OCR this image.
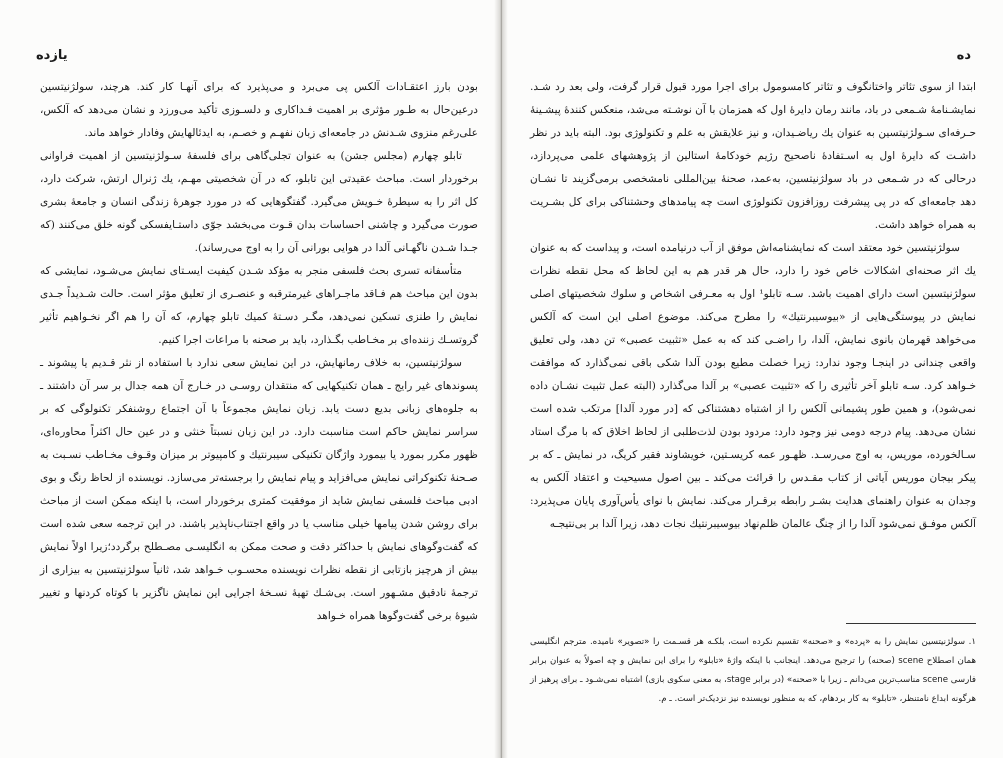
یازده

بودن بارز اعتقـادات آلکس پی می‌برد و می‌پذیرد که برای آنهـا کار کند. هرچند، سولژنیتسین درعین‌حال به طـور مؤثری بر اهمیت فـداکاری و دلسـوزی تأکید می‌ورزد و نشان می‌دهد که آلکس، علی‌رغم منزوی شـدنش در جامعه‌ای زبان نفهـم و خصـم، به ایدئالهایش وفادار خواهد ماند.

تابلو چهارم (مجلس جشن) به عنوان تجلی‌گاهی برای فلسفهٔ سـولژنیتسین از اهمیت فراوانی برخوردار است. مباحث عقیدتی این تابلو، که در آن شخصیتی مهـم، یك ژنرال ارتش، شرکت دارد، کل اثر را به سیطرهٔ خـویش می‌گیرد. گفتگوهایی که در مورد جوهرهٔ زندگی انسان و جامعهٔ بشری صورت می‌گیرد و چاشنی احساسات بدان قـوت می‌بخشد جوّی داستـایفسکی گونه خلق می‌کنند (که جـدا شـدن ناگهـانی آلدا در هوایی بورانی آن را به اوج می‌رساند).

متأسفانه تسری بحث فلسفی منجر به مؤکد شـدن کیفیت ایسـتای نمایش می‌شـود، نمایشی که بدون این مباحث هم فـاقد ماجـراهای غیرمترقبه و عنصـری از تعلیق مؤثر است. حالت شـدیداً جـدی نمایش را طنزی تسکین نمی‌دهد، مگـر دسـتهٔ کمیك تابلو چهارم، که آن را هم اگر نخـواهیم تأثیر گروتسـك زننده‌ای بر مخـاطب بگـذارد، باید بر صحنه با مراعات اجرا کنیم.

سولژنیتسین، به خلاف رمانهایش، در این نمایش سعی ندارد با استفاده از نثر قـدیم یا پیشوند ـ پسوندهای غیر رایج ـ همان تکنیکهایی که منتقدان روسـی در خـارج آن همه جدال بر سر آن داشتند ـ به جلوه‌های زبانی بدیع دست یابد. زبان نمایش مجموعاً با آن اجتماع روشنفکر تکنولوگی که بر سراسر نمایش حاکم است مناسبت دارد. در این زبان نسبتاً خنثی و در عین حال اکثراً محاوره‌ای، ظهور مکرر بمورد یا بیمورد واژگان تکنیکی سیبرنتیك و کامپیوتر بر میزان وقـوف مخـاطب نسـبت به صـحنهٔ تکنوکراتی نمایش می‌افزاید و پیام نمایش را برجسته‌تر می‌سازد. نویسنده از لحاظ رنگ و بوی ادبی مباحث فلسفی نمایش شاید از موفقیت کمتری برخوردار است، با اینکه ممکن است از مباحث برای روشن شدن پیامها خیلی مناسب یا در واقع اجتناب‌ناپذیر باشند. در این ترجمه سعی شده است که گفت‌وگوهای نمایش با حداکثر دقت و صحت ممکن به انگلیسـی مصـطلح برگردد؛زیرا اولاً نمایش بیش از هرچیز بازتابی از نقطه نظرات نویسنده محسـوب خـواهد شد، ثانیاً سولژنیتسین به بیزاری از ترجمهٔ نادقیق مشـهور است. بی‌شـك تهیهٔ نسـخهٔ اجرایی این نمایش ناگزیر با کوتاه کردنها و تغییر شیوهٔ برخی گفت‌وگوها همراه خـواهد

ده

ابتدا از سوی تئاتر واختانگوف و تئاتر کامسومول برای اجرا مورد قبول قرار گرفت، ولی بعد رد شـد. نمایشـنامهٔ شـمعی در باد، مانند رمان دایرهٔ اول که همزمان با آن نوشـته می‌شد، منعکس کنندهٔ پیشـینهٔ حـرفه‌ای سـولژنیتسین به عنوان یك ریاضـیدان، و نیز علایقش به علم و تکنولوژی بود. البته باید در نظر داشـت که دایرهٔ اول به اسـتفادهٔ ناصحیح رژیم خودکامهٔ استالین از پژوهشهای علمی می‌پردازد، درحالی که در شـمعی در باد سولژنیتسین، به‌عمد، صحنهٔ بین‌المللی نامشخصی برمی‌گزیند تا نشـان دهد جامعه‌ای که در پی پیشرفت روزافزون تکنولوژی است چه پیامدهای وحشتناکی برای کل بشـریت به همراه خواهد داشت.

سولژنیتسین خود معتقد است که نمایشنامه‌اش موفق از آب درنیامده است، و پیداست که به عنوان یك اثر صحنه‌ای اشکالات خاص خود را دارد، حال هر قدر هم به این لحاظ که محل نقطه نظرات سولژنیتسین است دارای اهمیت باشد. سـه تابلو¹ اول به معـرفی اشخاص و سلوك شخصیتهای اصلی نمایش در پیوستگی‌هایی از «بیوسیبرنتیك» را مطرح می‌کند. موضوع اصلی این است که آلکس می‌خواهد قهرمان بانوی نمایش، آلدا، را راضـی کند که به عمل «تثبیت عصبی» تن دهد، ولی تعلیق واقعی چندانی در اینجـا وجود ندارد: زیرا خصلت مطیع بودن آلدا شکی باقی نمی‌گذارد که موافقت خـواهد کرد. سـه تابلو آخر تأثیری را که «تثبیت عصبی» بر آلدا می‌گذارد (البته عمل تثبیت نشـان داده نمی‌شود)، و همین طور پشیمانی آلکس را از اشتباه دهشتناکی که [در مورد آلدا] مرتکب شده است نشان می‌دهد. پیام درجه دومی نیز وجود دارد: مردود بودن لذت‌طلبی از لحاظ اخلاق که با مرگ استاد سـالخورده، موریس، به اوج می‌رسـد. ظهـور عمه کریسـتین، خویشاوند فقیر کریگ، در نمایش ـ که بر پیکر بیجان موریس آیاتی از کتاب مقـدس را قرائت می‌کند ـ بین اصول مسیحیت و اعتقاد آلکس به وجدان به عنوان راهنمای هدایت بشـر رابطه برقـرار می‌کند. نمایش با نوای یأس‌آوری پایان می‌پذیرد: آلکس موفـق نمی‌شود آلدا را از چنگ عالمان ظلم‌نهاد بیوسیبرنتیك نجات دهد، زیرا آلدا بر بی‌نتیجـه

۱. سولژنیتسین نمایش را به «پرده» و «صحنه» تقسیم نکرده است، بلکـه هر قسـمت را «تصویر» نامیده. مترجم انگلیسی همان اصطلاح scene (صحنه) را ترجیح می‌دهد. اینجانب با اینکه واژهٔ «تابلو» را برای این نمایش و چه اصولاً به عنوان برابر فارسی scene مناسب‌ترین می‌دانم ـ زیرا با «صحنه» (در برابر stage، به معنی سکوی بازی) اشتباه نمی‌شـود ـ برای پرهیز از هرگونه ابداع نامتنظر، «تابلو» به کار بردهام، که به منظور نویسنده نیز نزدیک‌تر است. ـ م.
